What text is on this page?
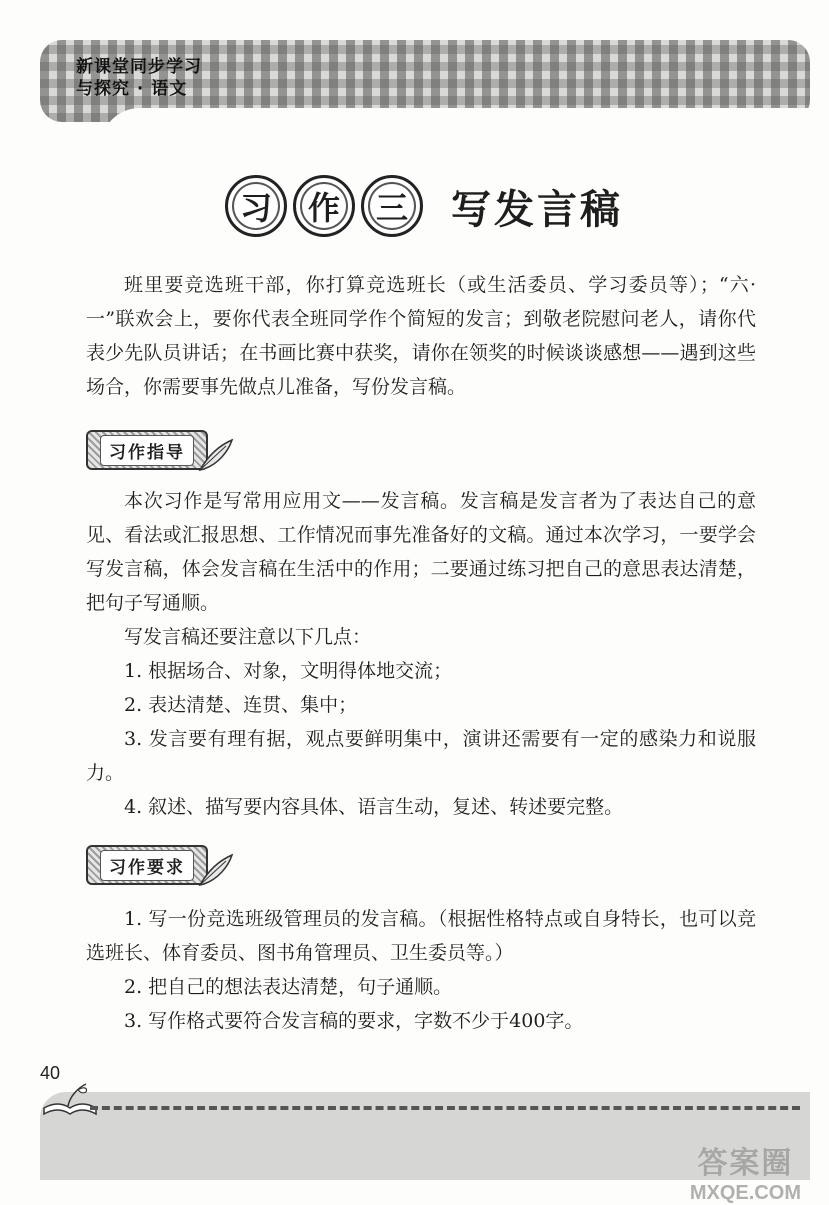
新课堂同步学习
与探究 · 语文
习	作	三	写发言稿

班里要竞选班干部，你打算竞选班长（或生活委员、学习委员等）；“六·一”联欢会上，要你代表全班同学作个简短的发言；到敬老院慰问老人，请你代表少先队员讲话；在书画比赛中获奖，请你在领奖的时候谈谈感想——遇到这些场合，你需要事先做点儿准备，写份发言稿。

习作指导

本次习作是写常用应用文——发言稿。发言稿是发言者为了表达自己的意见、看法或汇报思想、工作情况而事先准备好的文稿。通过本次学习，一要学会写发言稿，体会发言稿在生活中的作用；二要通过练习把自己的意思表达清楚，把句子写通顺。

写发言稿还要注意以下几点：

1. 根据场合、对象，文明得体地交流；

2. 表达清楚、连贯、集中；

3. 发言要有理有据，观点要鲜明集中，演讲还需要有一定的感染力和说服力。

4. 叙述、描写要内容具体、语言生动，复述、转述要完整。

习作要求

1. 写一份竞选班级管理员的发言稿。（根据性格特点或自身特长，也可以竞选班长、体育委员、图书角管理员、卫生委员等。）

2. 把自己的想法表达清楚，句子通顺。

3. 写作格式要符合发言稿的要求，字数不少于400字。

40
答案圈
MXQE.COM
